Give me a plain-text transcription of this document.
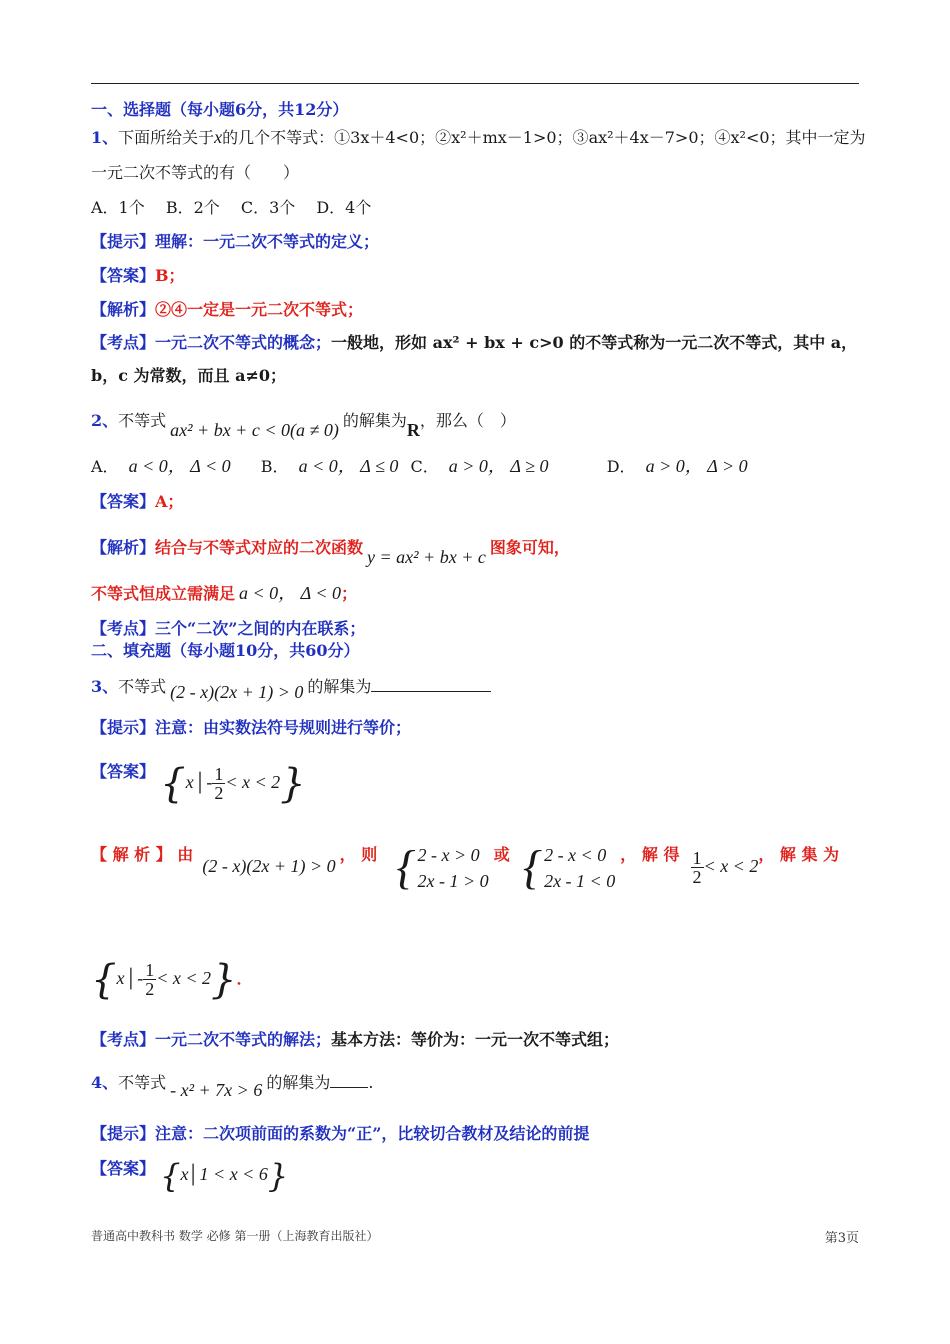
一、选择题（每小题6分，共12分）
1、下面所给关于x的几个不等式：①3x＋4<0；②x²＋mx－1>0；③ax²＋4x－7>0；④x²<0；其中一定为
一元二次不等式的有（　　）
A．1个　 B．2个　 C．3个　 D．4个
【提示】理解：一元二次不等式的定义；
【答案】B；
【解析】②④一定是一元二次不等式；
【考点】一元二次不等式的概念；一般地，形如 ax² + bx + c>0 的不等式称为一元二次不等式，其中 a，
b，c 为常数，而且 a≠0；
2、不等式 ax² + bx + c < 0(a ≠ 0) 的解集为R，那么（　）
A． a < 0， Δ < 0 B． a < 0， Δ ≤ 0 C． a > 0， Δ ≥ 0	D． a > 0， Δ > 0
【答案】A；
【解析】结合与不等式对应的二次函数 y = ax² + bx + c 图象可知，
不等式恒成立需满足 a < 0， Δ < 0；
【考点】三个“二次”之间的内在联系；
二、填充题（每小题10分，共60分）
3、不等式 (2 - x)(2x + 1) > 0 的解集为
【提示】注意：由实数法符号规则进行等价；
【答案】 {x│- $\frac{1}{2} < x < 2$}
【 解 析 】 由 (2 - x)(2x + 1) > 0， 则 { 2 - x > 0
2x - 1 > 0
或 { 2 - x < 0
2x - 1 < 0
， 解 得 $\frac{1}{2} < x < 2$， 解 集 为
{x│- $\frac{1}{2} < x < 2$}．
【考点】一元二次不等式的解法；基本方法：等价为：一元一次不等式组；
4、不等式 - x² + 7x > 6 的解集为 .
【提示】注意：二次项前面的系数为“正”，比较切合教材及结论的前提
【答案】 {x│1 < x < 6}
普通高中教科书 数学 必修 第一册（上海教育出版社）	第3页
